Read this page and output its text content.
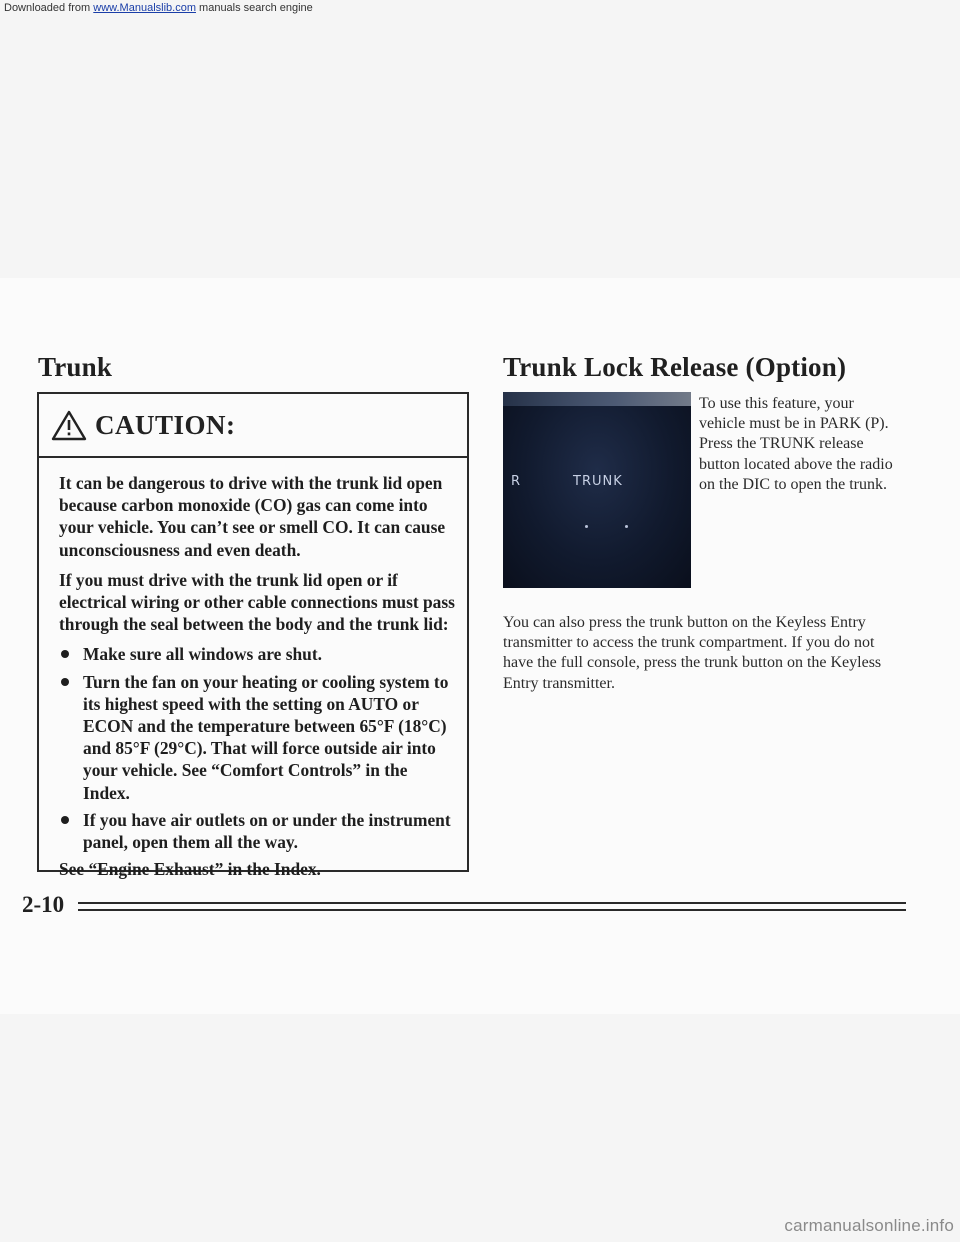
Downloaded from www.Manualslib.com manuals search engine
Trunk	Trunk Lock Release (Option)
CAUTION:

It can be dangerous to drive with the trunk lid open because carbon monoxide (CO) gas can come into your vehicle. You can’t see or smell CO. It can cause unconsciousness and even death.

If you must drive with the trunk lid open or if electrical wiring or other cable connections must pass through the seal between the body and the trunk lid:

Make sure all windows are shut.
Turn the fan on your heating or cooling system to its highest speed with the setting on AUTO or ECON and the temperature between 65°F (18°C) and 85°F (29°C). That will force outside air into your vehicle. See “Comfort Controls” in the Index.
If you have air outlets on or under the instrument panel, open them all the way.

See “Engine Exhaust” in the Index.

R	TRUNK
To use this feature, your vehicle must be in PARK (P). Press the TRUNK release button located above the radio on the DIC to open the trunk.
You can also press the trunk button on the Keyless Entry transmitter to access the trunk compartment. If you do not have the full console, press the trunk button on the Keyless Entry transmitter.
2-10
carmanualsonline.info
